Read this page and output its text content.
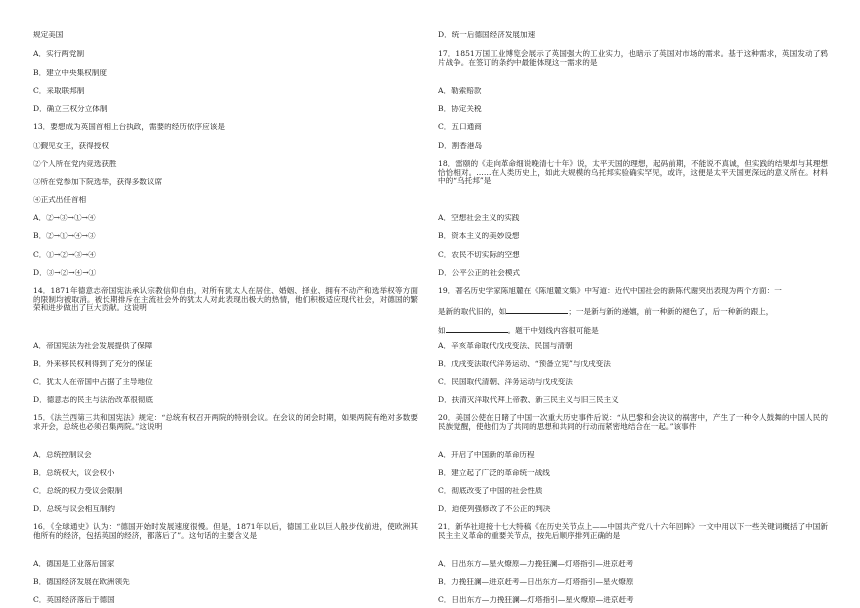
规定美国
A．实行两党制
B．建立中央集权制度
C．采取联邦制
D．确立三权分立体制
13．要想成为英国首相上台执政，需要的经历依序应该是
①觐见女王，获得授权
②个人所在党内竞选获胜
③所在党参加下院选举，获得多数议席
④正式出任首相
A．②→③→①→④
B．②→①→④→③
C．①→②→③→④
D．③→②→④→①
14．1871年德意志帝国宪法承认宗教信仰自由，对所有犹太人在居住、婚姻、择业、拥有不动产和选举权等方面的限制均被取消。被长期排斥在主流社会外的犹太人对此表现出极大的热情，他们积极适应现代社会，对德国的繁荣和进步做出了巨大贡献。这说明
A．帝国宪法为社会发展提供了保障
B．外来移民权利得到了充分的保证
C．犹太人在帝国中占据了主导地位
D．德意志的民主与法治改革很彻底
15．《法兰西第三共和国宪法》规定：“总统有权召开两院的特别会议。在会议的闭会时期，如果两院有绝对多数要求开会，总统也必须召集两院。”这说明
A．总统控制议会
B．总统权大，议会权小
C．总统的权力受议会限制
D．总统与议会相互制约
16．《全球通史》认为：“德国开始时发展速度很慢。但是，1871年以后，德国工业以巨人般步伐前进，使欧洲其他所有的经济，包括英国的经济，都落后了”。这句话的主要含义是
A．德国是工业落后国家
B．德国经济发展在欧洲领先
C．英国经济落后于德国
19．著名历史学家陈旭麓在《陈旭麓文集》中写道：近代中国社会的新陈代谢突出表现为两个方面：一
是新的取代旧的，如	；一是新与新的递嬗，前一种新的褪色了，后一种新的跟上，
如	。题干中划线内容很可能是
D．统一后德国经济发展加速
17．1851万国工业博览会展示了英国强大的工业实力，也暗示了英国对市场的需求。基于这种需求，英国发动了鸦片战争。在签订的条约中最能体现这一需求的是
A．勒索赔款
B．协定关税
C．五口通商
D．割香港岛
18．雷颐的《走向革命细说晚清七十年》说，太平天国的理想，起码前期，不能说不真诚，但实践的结果却与其理想恰恰相对。……在人类历史上，如此大规模的乌托邦实验确实罕见，或许，这便是太平天国更深远的意义所在。材料中的“乌托邦”是
A．空想社会主义的实践
B．资本主义的美妙设想
C．农民不切实际的空想
D．公平公正的社会模式
A．辛亥革命取代戊戌变法、民国与清朝
B．戊戌变法取代洋务运动、“预备立宪”与戊戌变法
C．民国取代清朝、洋务运动与戊戌变法
D．扶清灭洋取代拜上帝教、新三民主义与旧三民主义
20．美国公使在日睹了中国一次重大历史事件后说：“从巴黎和会决议的祸害中，产生了一种令人鼓舞的中国人民的民族觉醒，使他们为了共同的思想和共同的行动而紧密地结合在一起。”该事件
A．开启了中国新的革命历程
B．建立起了广泛的革命统一战线
C．彻底改变了中国的社会性质
D．迫使列强修改了不公正的判决
21．新华社迎接十七大特稿《在历史关节点上——中国共产党八十六年回眸》一文中用以下一些关键词概括了中国新民主主义革命的重要关节点，按先后顺序排列正确的是
A．日出东方—星火燎原—力挽狂澜—灯塔指引—进京赶考
B．力挽狂澜—进京赶考—日出东方—灯塔指引—星火燎原
C．日出东方—力挽狂澜—灯塔指引—星火燎原—进京赶考
